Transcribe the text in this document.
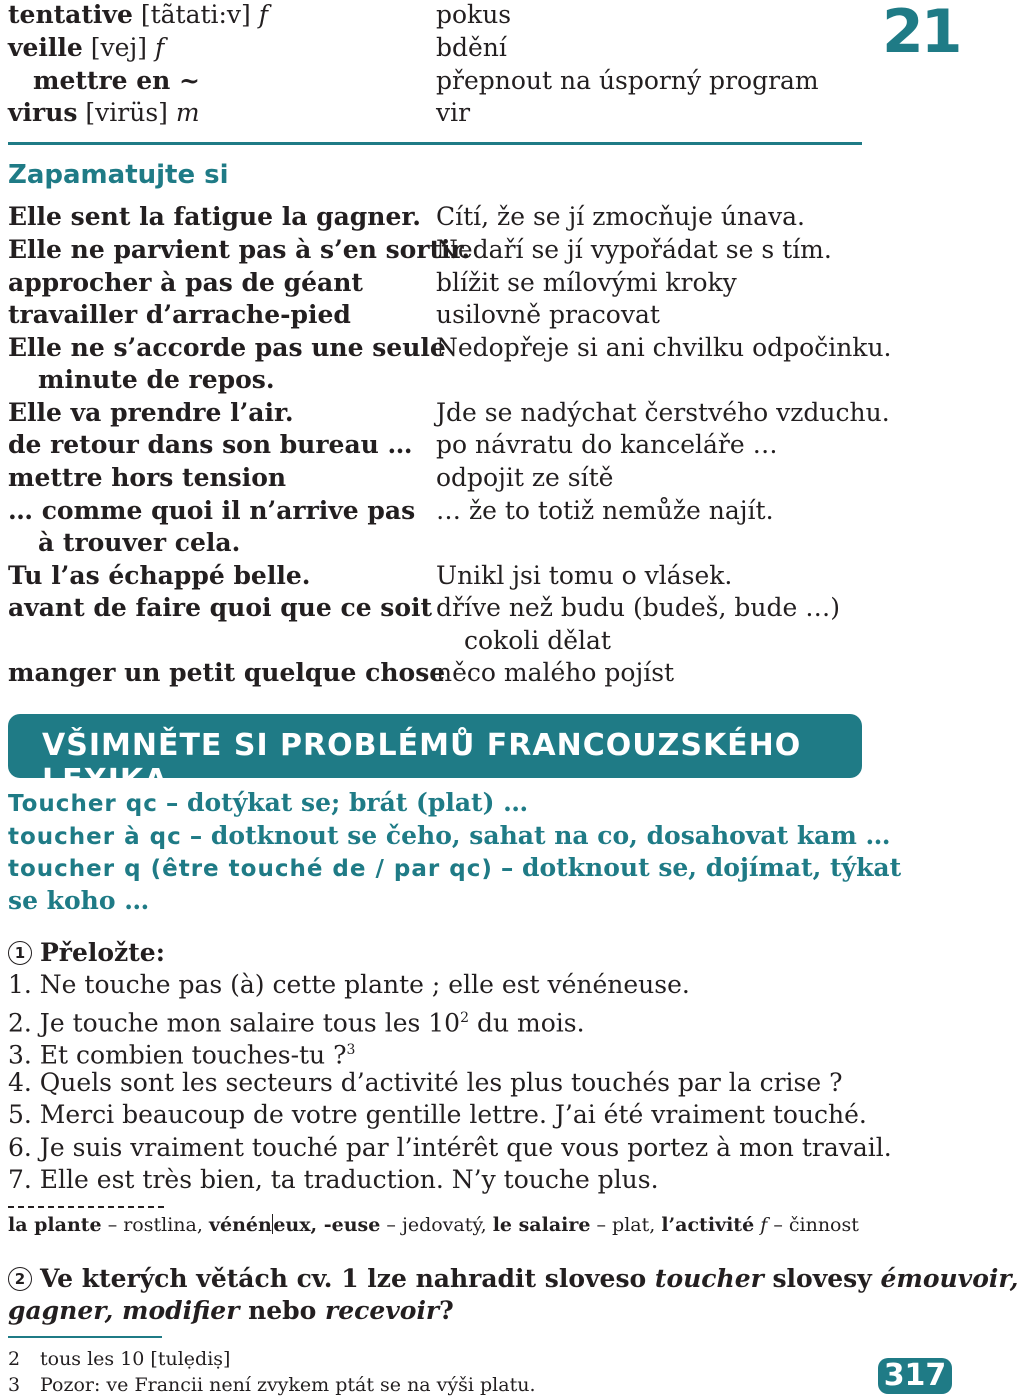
21
tentative [tãtati:v] f
veille [vej] f
mettre en ~
virus [virüs] m
pokus
bdění
přepnout na úsporný program
vir
Zapamatujte si
Elle sent la fatigue la gagner.
Elle ne parvient pas à s’en sortir.
approcher à pas de géant
travailler d’arrache-pied
Elle ne s’accorde pas une seule
minute de repos.
Elle va prendre l’air.
de retour dans son bureau …
mettre hors tension
… comme quoi il n’arrive pas
à trouver cela.
Tu l’as échappé belle.
avant de faire quoi que ce soit
manger un petit quelque chose
Cítí, že se jí zmocňuje únava.
Nedaří se jí vypořádat se s tím.
blížit se mílovými kroky
usilovně pracovat
Nedopřeje si ani chvilku odpočinku.
Jde se nadýchat čerstvého vzduchu.
po návratu do kanceláře …
odpojit ze sítě
… že to totiž nemůže najít.
Unikl jsi tomu o vlásek.
dříve než budu (budeš, bude …)
cokoli dělat
něco malého pojíst
VŠIMNĚTE SI PROBLÉMŮ FRANCOUZSKÉHO LEXIKA
Toucher qc – dotýkat se; brát (plat) …
toucher à qc – dotknout se čeho, sahat na co, dosahovat kam …
toucher q (être touché de / par qc) – dotknout se, dojímat, týkat
se koho …
1 Přeložte:
1. Ne touche pas (à) cette plante ; elle est vénéneuse.
2. Je touche mon salaire tous les $10^2$ du mois.
3. Et combien touches-tu ?$^3$
4. Quels sont les secteurs d’activité les plus touchés par la crise ?
5. Merci beaucoup de votre gentille lettre. J’ai été vraiment touché.
6. Je suis vraiment touché par l’intérêt que vous portez à mon travail.
7. Elle est très bien, ta traduction. N’y touche plus.
la plante – rostlina, vénéneux, -euse – jedovatý, le salaire – plat, l’activité f – činnost
2 Ve kterých větách cv. 1 lze nahradit sloveso toucher slovesy émouvoir,
gagner, modifier nebo recevoir?
2 tous les 10 [tulẹdiṣ]
3 Pozor: ve Francii není zvykem ptát se na výši platu.	317
